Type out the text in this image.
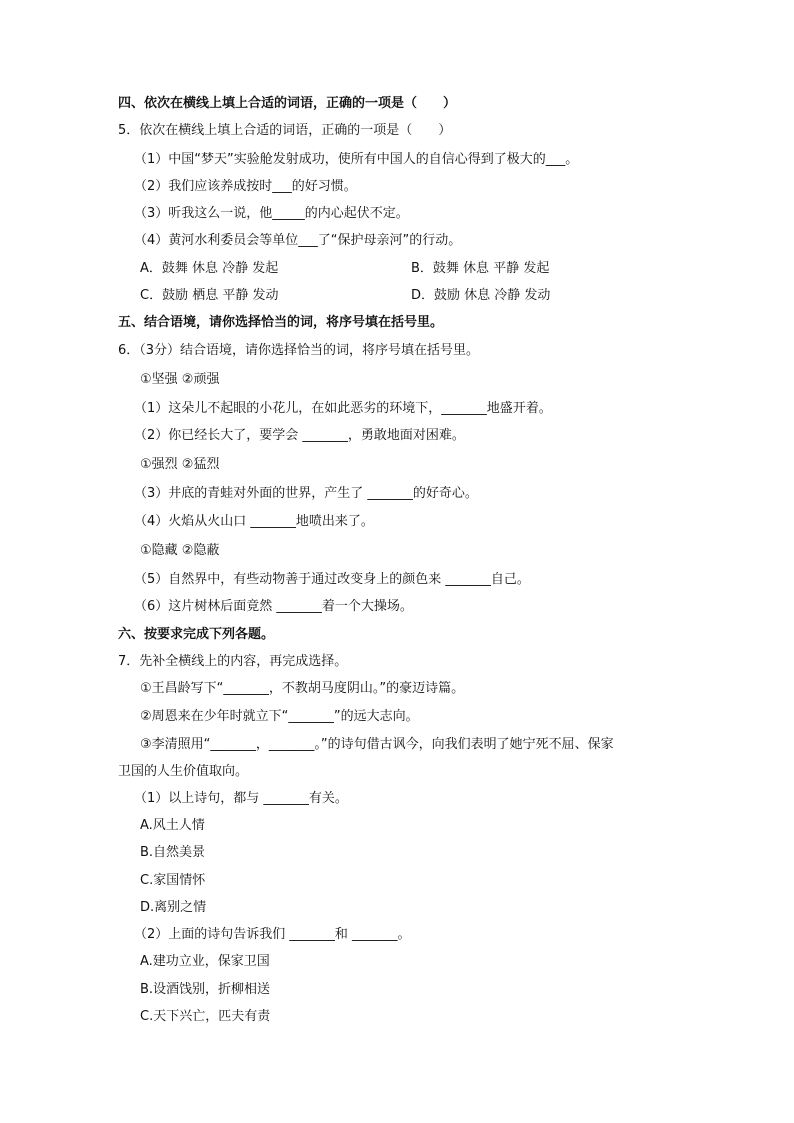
四、依次在横线上填上合适的词语，正确的一项是（　　）
5．依次在横线上填上合适的词语，正确的一项是（　　）
（1）中国“梦天”实验舱发射成功，使所有中国人的自信心得到了极大的___。
（2）我们应该养成按时___的好习惯。
（3）听我这么一说，他_____的内心起伏不定。
（4）黄河水利委员会等单位___了“保护母亲河”的行动。
A．鼓舞 休息 冷静 发起	B．鼓舞 休息 平静 发起
C．鼓励 栖息 平静 发动	D．鼓励 休息 冷静 发动
五、结合语境，请你选择恰当的词，将序号填在括号里。
6．（3分）结合语境，请你选择恰当的词，将序号填在括号里。
①坚强 ②顽强
（1）这朵儿不起眼的小花儿，在如此恶劣的环境下，_______地盛开着。
（2）你已经长大了，要学会 _______，勇敢地面对困难。
①强烈 ②猛烈
（3）井底的青蛙对外面的世界，产生了 _______的好奇心。
（4）火焰从火山口 _______地喷出来了。
①隐藏 ②隐蔽
（5）自然界中，有些动物善于通过改变身上的颜色来 _______自己。
（6）这片树林后面竟然 _______着一个大操场。
六、按要求完成下列各题。
7．先补全横线上的内容，再完成选择。
①王昌龄写下“_______，不教胡马度阴山。”的豪迈诗篇。
②周恩来在少年时就立下“_______”的远大志向。
③李清照用“_______，_______。”的诗句借古讽今，向我们表明了她宁死不屈、保家
卫国的人生价值取向。
（1）以上诗句，都与 _______有关。
A.风土人情
B.自然美景
C.家国情怀
D.离别之情
（2）上面的诗句告诉我们 _______和 _______。
A.建功立业，保家卫国
B.设酒饯别，折柳相送
C.天下兴亡，匹夫有责
